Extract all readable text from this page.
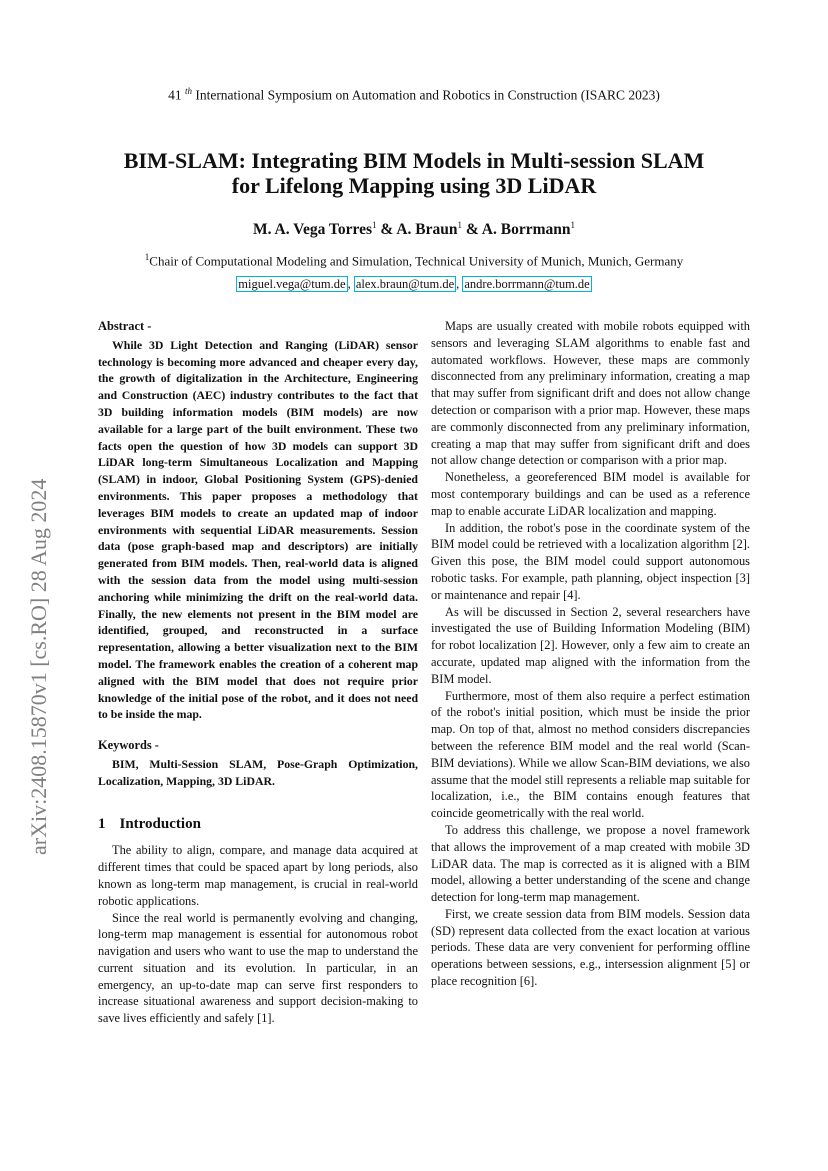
41 $^{th}$ International Symposium on Automation and Robotics in Construction (ISARC 2023)
BIM-SLAM: Integrating BIM Models in Multi-session SLAM
for Lifelong Mapping using 3D LiDAR
M. A. Vega Torres$^1$ & A. Braun$^1$ & A. Borrmann$^1$
$^1$Chair of Computational Modeling and Simulation, Technical University of Munich, Munich, Germany
miguel.vega@tum.de , alex.braun@tum.de , andre.borrmann@tum.de
arXiv:2408.15870v1 [cs.RO] 28 Aug 2024
Abstract -

While 3D Light Detection and Ranging (LiDAR) sensor technology is becoming more advanced and cheaper every day, the growth of digitalization in the Architecture, Engineering and Construction (AEC) industry contributes to the fact that 3D building information models (BIM models) are now available for a large part of the built environment. These two facts open the question of how 3D models can support 3D LiDAR long-term Simultaneous Localization and Mapping (SLAM) in indoor, Global Positioning System (GPS)-denied environments. This paper proposes a methodology that leverages BIM models to create an updated map of indoor environments with sequential LiDAR measurements. Session data (pose graph-based map and descriptors) are initially generated from BIM models. Then, real-world data is aligned with the session data from the model using multi-session anchoring while minimizing the drift on the real-world data. Finally, the new elements not present in the BIM model are identified, grouped, and reconstructed in a surface representation, allowing a better visualization next to the BIM model. The framework enables the creation of a coherent map aligned with the BIM model that does not require prior knowledge of the initial pose of the robot, and it does not need to be inside the map.

Keywords -

BIM, Multi-Session SLAM, Pose-Graph Optimization, Localization, Mapping, 3D LiDAR.

1 Introduction

The ability to align, compare, and manage data acquired at different times that could be spaced apart by long periods, also known as long-term map management, is crucial in real-world robotic applications.

Since the real world is permanently evolving and changing, long-term map management is essential for autonomous robot navigation and users who want to use the map to understand the current situation and its evolution. In particular, in an emergency, an up-to-date map can serve first responders to increase situational awareness and support decision-making to save lives efficiently and safely [1].

Maps are usually created with mobile robots equipped with sensors and leveraging SLAM algorithms to enable fast and automated workflows. However, these maps are commonly disconnected from any preliminary information, creating a map that may suffer from significant drift and does not allow change detection or comparison with a prior map. However, these maps are commonly disconnected from any preliminary information, creating a map that may suffer from significant drift and does not allow change detection or comparison with a prior map.

Nonetheless, a georeferenced BIM model is available for most contemporary buildings and can be used as a reference map to enable accurate LiDAR localization and mapping.

In addition, the robot's pose in the coordinate system of the BIM model could be retrieved with a localization algorithm [2]. Given this pose, the BIM model could support autonomous robotic tasks. For example, path planning, object inspection [3] or maintenance and repair [4].

As will be discussed in Section 2, several researchers have investigated the use of Building Information Modeling (BIM) for robot localization [2]. However, only a few aim to create an accurate, updated map aligned with the information from the BIM model.

Furthermore, most of them also require a perfect estimation of the robot's initial position, which must be inside the prior map. On top of that, almost no method considers discrepancies between the reference BIM model and the real world (Scan-BIM deviations). While we allow Scan-BIM deviations, we also assume that the model still represents a reliable map suitable for localization, i.e., the BIM contains enough features that coincide geometrically with the real world.

To address this challenge, we propose a novel framework that allows the improvement of a map created with mobile 3D LiDAR data. The map is corrected as it is aligned with a BIM model, allowing a better understanding of the scene and change detection for long-term map management.

First, we create session data from BIM models. Session data (SD) represent data collected from the exact location at various periods. These data are very convenient for performing offline operations between sessions, e.g., intersession alignment [5] or place recognition [6].
